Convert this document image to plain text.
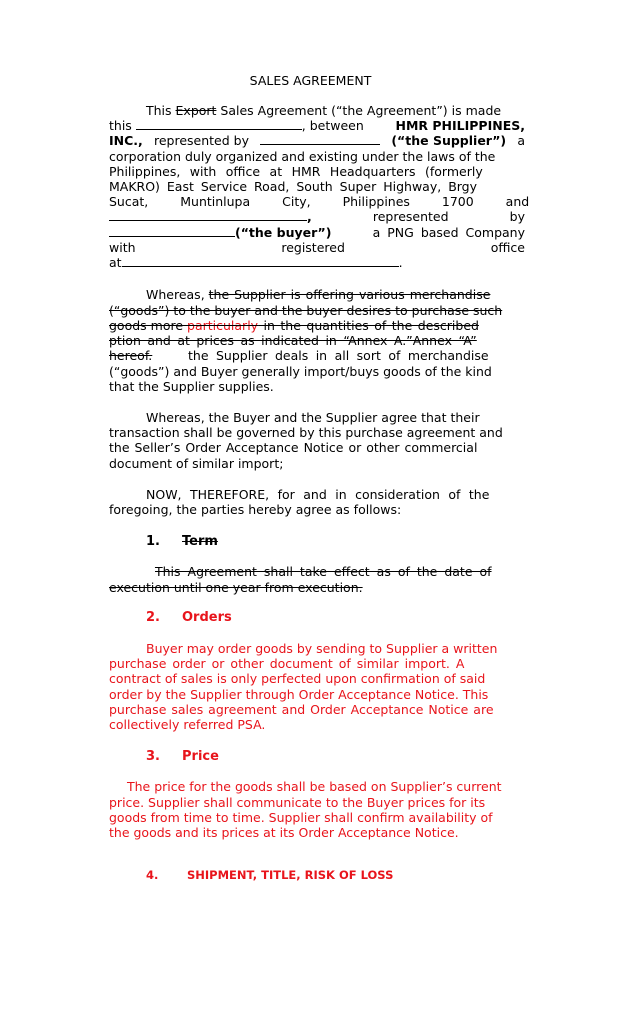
SALES AGREEMENT
This Export Sales Agreement (“the Agreement”) is made
this	, between	HMR PHILIPPINES,
INC., represented by	(“the Supplier”) a
corporation duly organized and existing under the laws of the
Philippines, with office at HMR Headquarters (formerly
MAKRO) East Service Road, South Super Highway, Brgy
Sucat, Muntinlupa City, Philippines 1700 and
,	represented	by
(“the buyer”)	a PNG based Company
with	registered	office
at	.
Whereas, the Supplier is offering various merchandise
(“goods”) to the buyer and the buyer desires to purchase such
goods more particularly in the quantities of the described
ption and at prices as indicated in “Annex A.”Annex “A”
hereof.	the Supplier deals in all sort of merchandise
(“goods”) and Buyer generally import/buys goods of the kind
that the Supplier supplies.
Whereas, the Buyer and the Supplier agree that their
transaction shall be governed by this purchase agreement and
the Seller’s Order Acceptance Notice or other commercial
document of similar import;
NOW, THEREFORE, for and in consideration of the
foregoing, the parties hereby agree as follows:
1. Term
This Agreement shall take effect as of the date of
execution until one year from execution.
2. Orders
Buyer may order goods by sending to Supplier a written
purchase order or other document of similar import. A
contract of sales is only perfected upon confirmation of said
order by the Supplier through Order Acceptance Notice. This
purchase sales agreement and Order Acceptance Notice are
collectively referred PSA.
3. Price
The price for the goods shall be based on Supplier’s current
price. Supplier shall communicate to the Buyer prices for its
goods from time to time. Supplier shall confirm availability of
the goods and its prices at its Order Acceptance Notice.
4. SHIPMENT, TITLE, RISK OF LOSS
